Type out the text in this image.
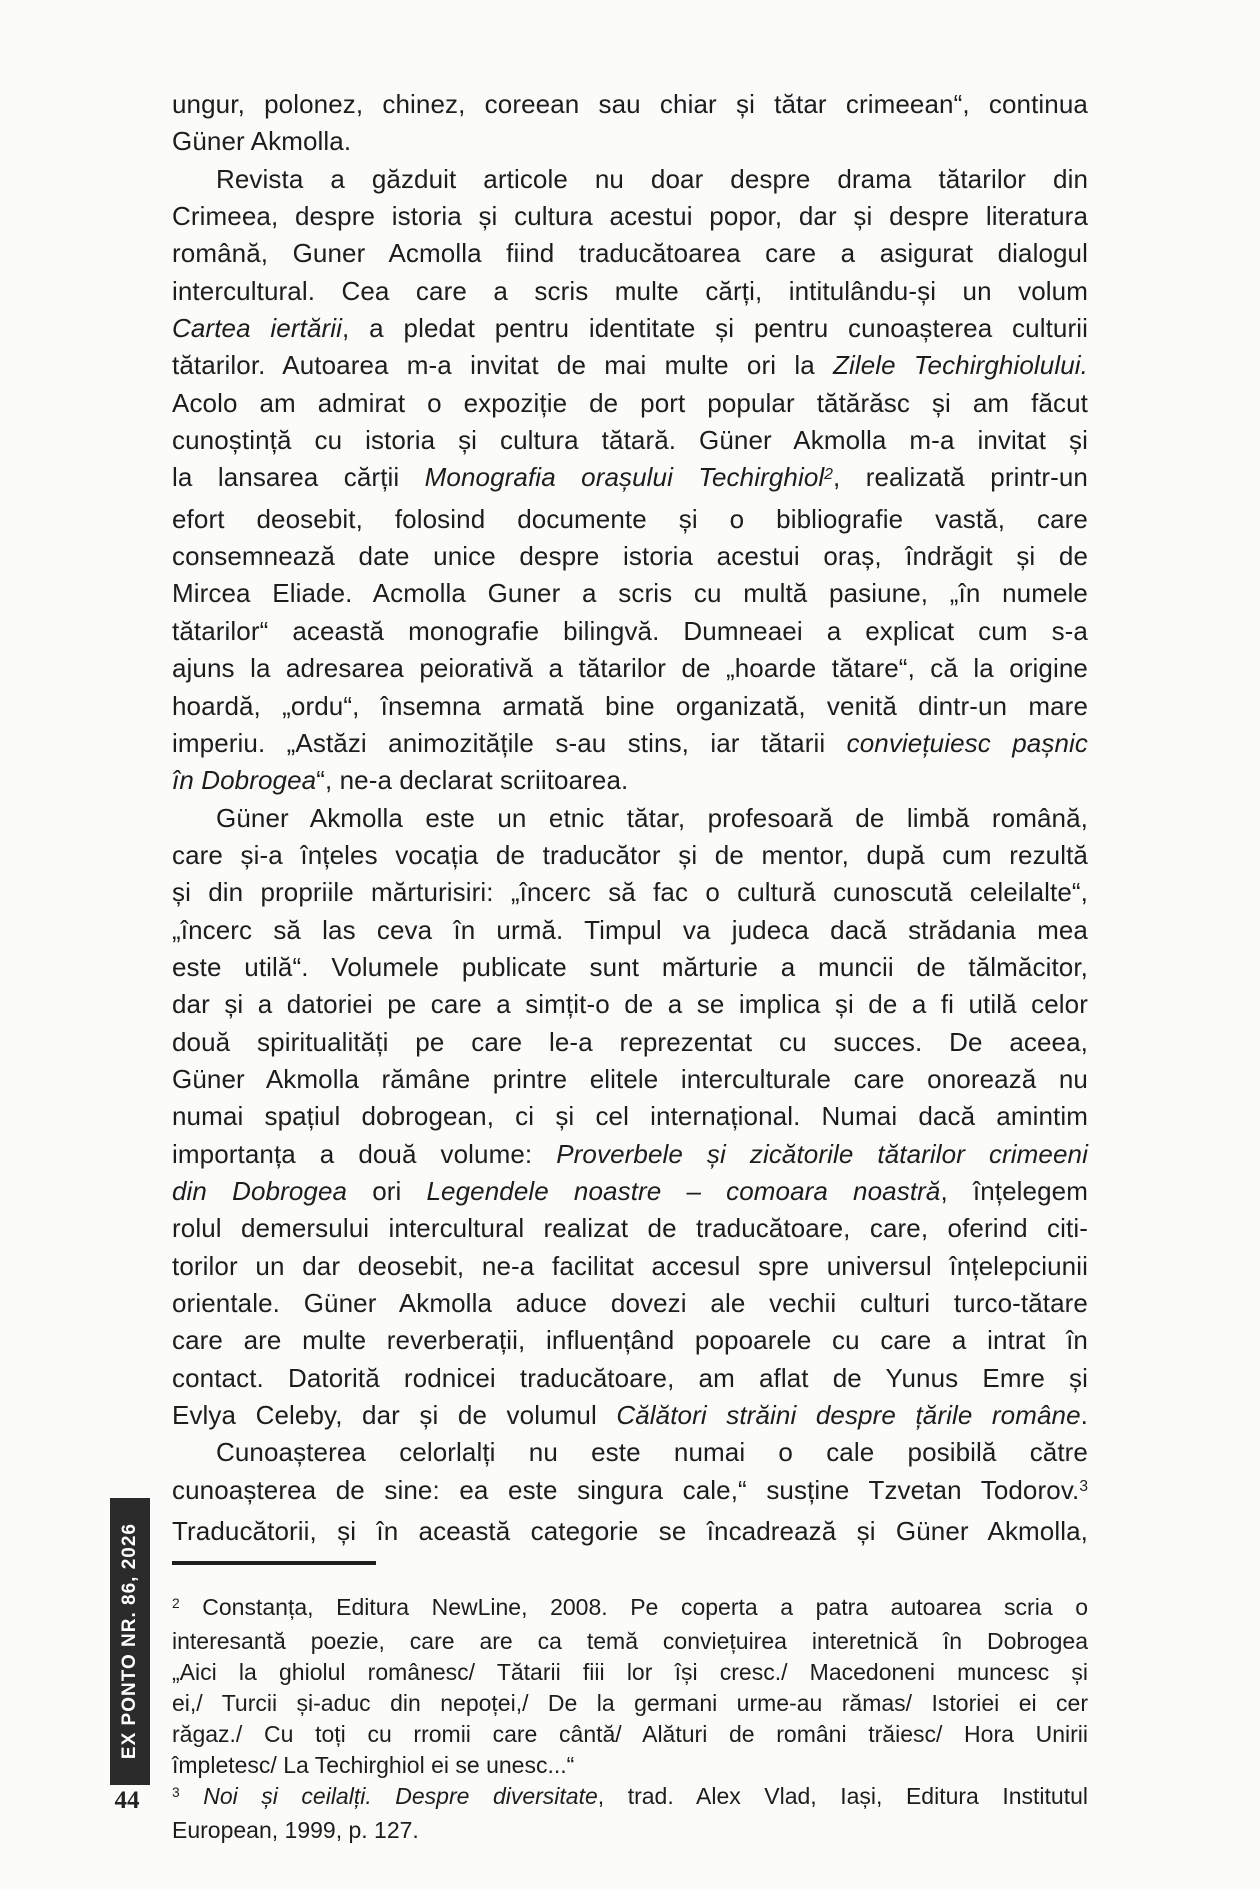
ungur, polonez, chinez, coreean sau chiar și tătar crimeean“, continua
Güner Akmolla.
Revista a găzduit articole nu doar despre drama tătarilor din
Crimeea, despre istoria și cultura acestui popor, dar și despre literatura
română, Guner Acmolla fiind traducătoarea care a asigurat dialogul
intercultural. Cea care a scris multe cărți, intitulându-și un volum
Cartea iertării, a pledat pentru identitate și pentru cunoașterea culturii
tătarilor. Autoarea m-a invitat de mai multe ori la Zilele Techirghiolului.
Acolo am admirat o expoziție de port popular tătărăsc și am făcut
cunoștință cu istoria și cultura tătară. Güner Akmolla m-a invitat și
la lansarea cărții Monografia orașului Techirghiol$^2$, realizată printr-un
efort deosebit, folosind documente și o bibliografie vastă, care
consemnează date unice despre istoria acestui oraș, îndrăgit și de
Mircea Eliade. Acmolla Guner a scris cu multă pasiune, „în numele
tătarilor“ această monografie bilingvă. Dumneaei a explicat cum s-a
ajuns la adresarea peiorativă a tătarilor de „hoarde tătare“, că la origine
hoardă, „ordu“, însemna armată bine organizată, venită dintr-un mare
imperiu. „Astăzi animozitățile s-au stins, iar tătarii conviețuiesc pașnic
în Dobrogea“, ne-a declarat scriitoarea.
Güner Akmolla este un etnic tătar, profesoară de limbă română,
care și-a înțeles vocația de traducător și de mentor, după cum rezultă
și din propriile mărturisiri: „încerc să fac o cultură cunoscută celeilalte“,
„încerc să las ceva în urmă. Timpul va judeca dacă strădania mea
este utilă“. Volumele publicate sunt mărturie a muncii de tălmăcitor,
dar și a datoriei pe care a simțit-o de a se implica și de a fi utilă celor
două spiritualități pe care le-a reprezentat cu succes. De aceea,
Güner Akmolla rămâne printre elitele interculturale care onorează nu
numai spațiul dobrogean, ci și cel internațional. Numai dacă amintim
importanța a două volume: Proverbele și zicătorile tătarilor crimeeni
din Dobrogea ori Legendele noastre – comoara noastră, înțelegem
rolul demersului intercultural realizat de traducătoare, care, oferind citi-
torilor un dar deosebit, ne-a facilitat accesul spre universul înțelepciunii
orientale. Güner Akmolla aduce dovezi ale vechii culturi turco-tătare
care are multe reverberații, influențând popoarele cu care a intrat în
contact. Datorită rodnicei traducătoare, am aflat de Yunus Emre și
Evlya Celeby, dar și de volumul Călători străini despre țările române.
Cunoașterea celorlalți nu este numai o cale posibilă către
cunoașterea de sine: ea este singura cale,“ susține Tzvetan Todorov.$^3$
Traducătorii, și în această categorie se încadrează și Güner Akmolla,
$^2$ Constanța, Editura NewLine, 2008. Pe coperta a patra autoarea scria o
interesantă poezie, care are ca temă conviețuirea interetnică în Dobrogea
„Aici la ghiolul românesc/ Tătarii fiii lor își cresc./ Macedoneni muncesc și
ei,/ Turcii și-aduc din nepoței,/ De la germani urme-au rămas/ Istoriei ei cer
răgaz./ Cu toți cu rromii care cântă/ Alături de români trăiesc/ Hora Unirii
împletesc/ La Techirghiol ei se unesc...“
$^3$ Noi și ceilalți. Despre diversitate, trad. Alex Vlad, Iași, Editura Institutul
European, 1999, p. 127.
EX PONTO NR. 86, 2026
44
